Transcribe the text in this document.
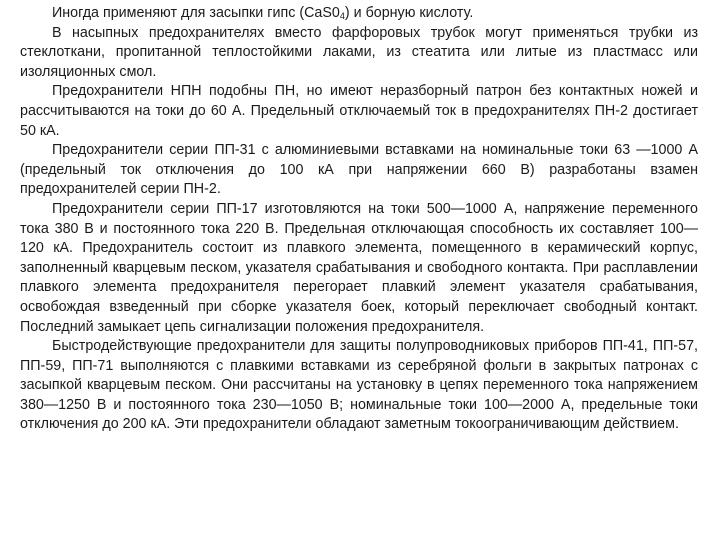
Иногда применяют для засыпки гипс $(CaS0_4)$ и борную кислоту.

В насыпных предохранителях вместо фарфоровых трубок могут применяться трубки из стеклоткани, пропитанной теплостойкими лаками, из стеатита или литые из пластмасс или изоляционных смол.

Предохранители НПН подобны ПН, но имеют неразборный патрон без контактных ножей и рассчитываются на токи до 60 А. Предельный отключаемый ток в предохранителях ПН-2 достигает 50 кА.

Предохранители серии ПП-31 с алюминиевыми вставками на номинальные токи 63 —1000 А (предельный ток отключения до 100 кА при напряжении 660 В) разработаны взамен предохранителей серии ПН-2.

Предохранители серии ПП-17 изготовляются на токи 500—1000 А, напряжение переменного тока 380 В и постоянного тока 220 В. Предельная отключающая способность их составляет 100—120 кА. Предохранитель состоит из плавкого элемента, помещенного в керамический корпус, заполненный кварцевым песком, указателя срабатывания и свободного контакта. При расплавлении плавкого элемента предохранителя перегорает плавкий элемент указателя срабатывания, освобождая взведенный при сборке указателя боек, который переключает свободный контакт. Последний замыкает цепь сигнализации положения предохранителя.

Быстродействующие предохранители для защиты полупроводниковых приборов ПП-41, ПП-57, ПП-59, ПП-71 выполняются с плавкими вставками из серебряной фольги в закрытых патронах с засыпкой кварцевым песком. Они рассчитаны на установку в цепях переменного тока напряжением 380—1250 В и постоянного тока 230—1050 В; номинальные токи 100—2000 А, предельные токи отключения до 200 кА. Эти предохранители обладают заметным токоограничивающим действием.
